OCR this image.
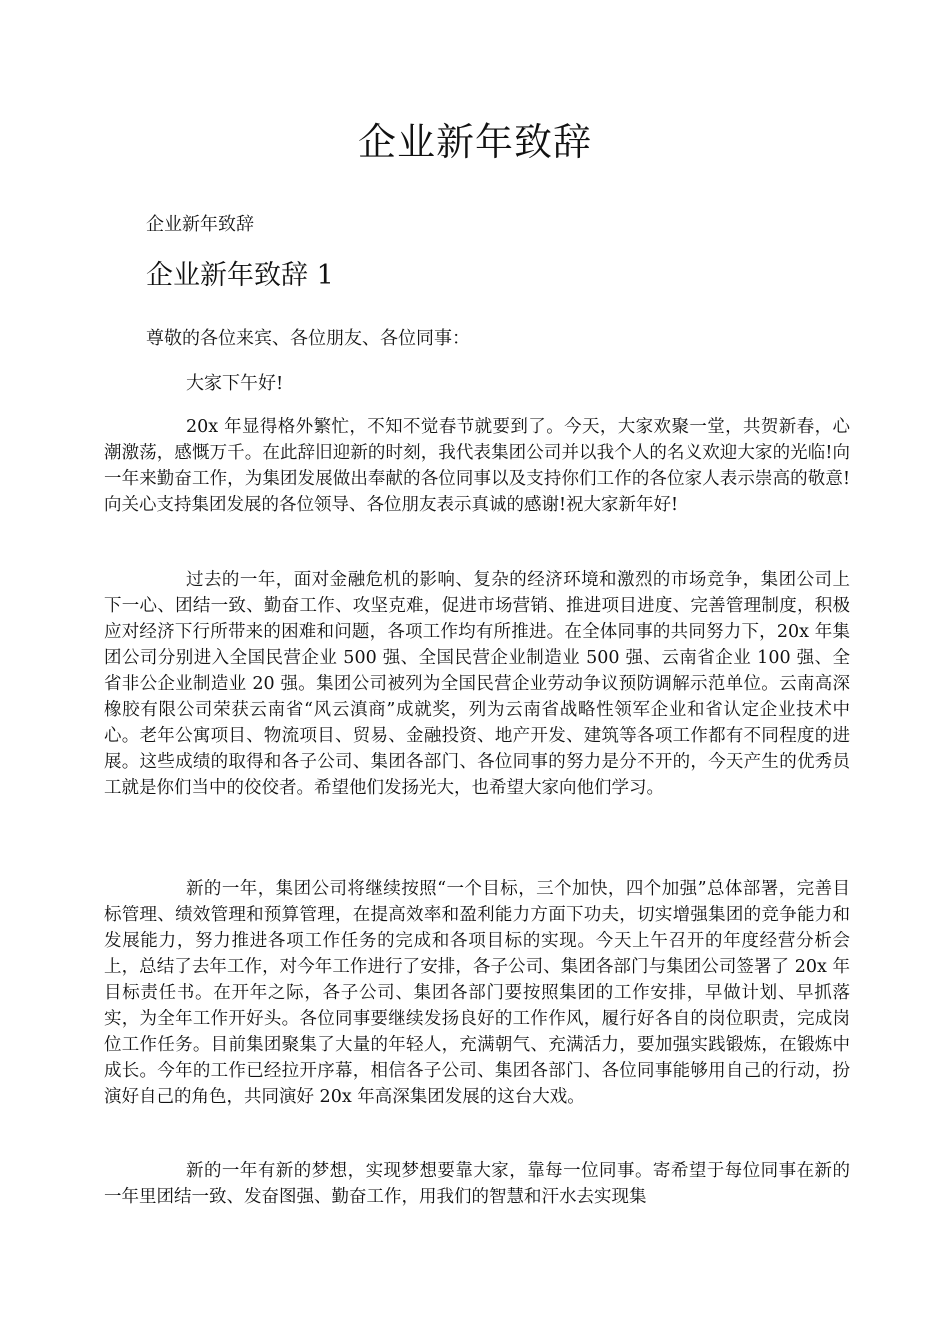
企业新年致辞

企业新年致辞

企业新年致辞 1

尊敬的各位来宾、各位朋友、各位同事：

大家下午好!

20x 年显得格外繁忙，不知不觉春节就要到了。今天，大家欢聚一堂，共贺新春，心潮激荡，感慨万千。在此辞旧迎新的时刻，我代表集团公司并以我个人的名义欢迎大家的光临!向一年来勤奋工作，为集团发展做出奉献的各位同事以及支持你们工作的各位家人表示崇高的敬意!向关心支持集团发展的各位领导、各位朋友表示真诚的感谢!祝大家新年好!

过去的一年，面对金融危机的影响、复杂的经济环境和激烈的市场竞争，集团公司上下一心、团结一致、勤奋工作、攻坚克难，促进市场营销、推进项目进度、完善管理制度，积极应对经济下行所带来的困难和问题，各项工作均有所推进。在全体同事的共同努力下，20x 年集团公司分别进入全国民营企业 500 强、全国民营企业制造业 500 强、云南省企业 100 强、全省非公企业制造业 20 强。集团公司被列为全国民营企业劳动争议预防调解示范单位。云南高深橡胶有限公司荣获云南省“风云滇商”成就奖，列为云南省战略性领军企业和省认定企业技术中心。老年公寓项目、物流项目、贸易、金融投资、地产开发、建筑等各项工作都有不同程度的进展。这些成绩的取得和各子公司、集团各部门、各位同事的努力是分不开的，今天产生的优秀员工就是你们当中的佼佼者。希望他们发扬光大，也希望大家向他们学习。

新的一年，集团公司将继续按照“一个目标，三个加快，四个加强”总体部署，完善目标管理、绩效管理和预算管理，在提高效率和盈利能力方面下功夫，切实增强集团的竞争能力和发展能力，努力推进各项工作任务的完成和各项目标的实现。今天上午召开的年度经营分析会上，总结了去年工作，对今年工作进行了安排，各子公司、集团各部门与集团公司签署了 20x 年目标责任书。在开年之际，各子公司、集团各部门要按照集团的工作安排，早做计划、早抓落实，为全年工作开好头。各位同事要继续发扬良好的工作作风，履行好各自的岗位职责，完成岗位工作任务。目前集团聚集了大量的年轻人，充满朝气、充满活力，要加强实践锻炼，在锻炼中成长。今年的工作已经拉开序幕，相信各子公司、集团各部门、各位同事能够用自己的行动，扮演好自己的角色，共同演好 20x 年高深集团发展的这台大戏。

新的一年有新的梦想，实现梦想要靠大家，靠每一位同事。寄希望于每位同事在新的一年里团结一致、发奋图强、勤奋工作，用我们的智慧和汗水去实现集
